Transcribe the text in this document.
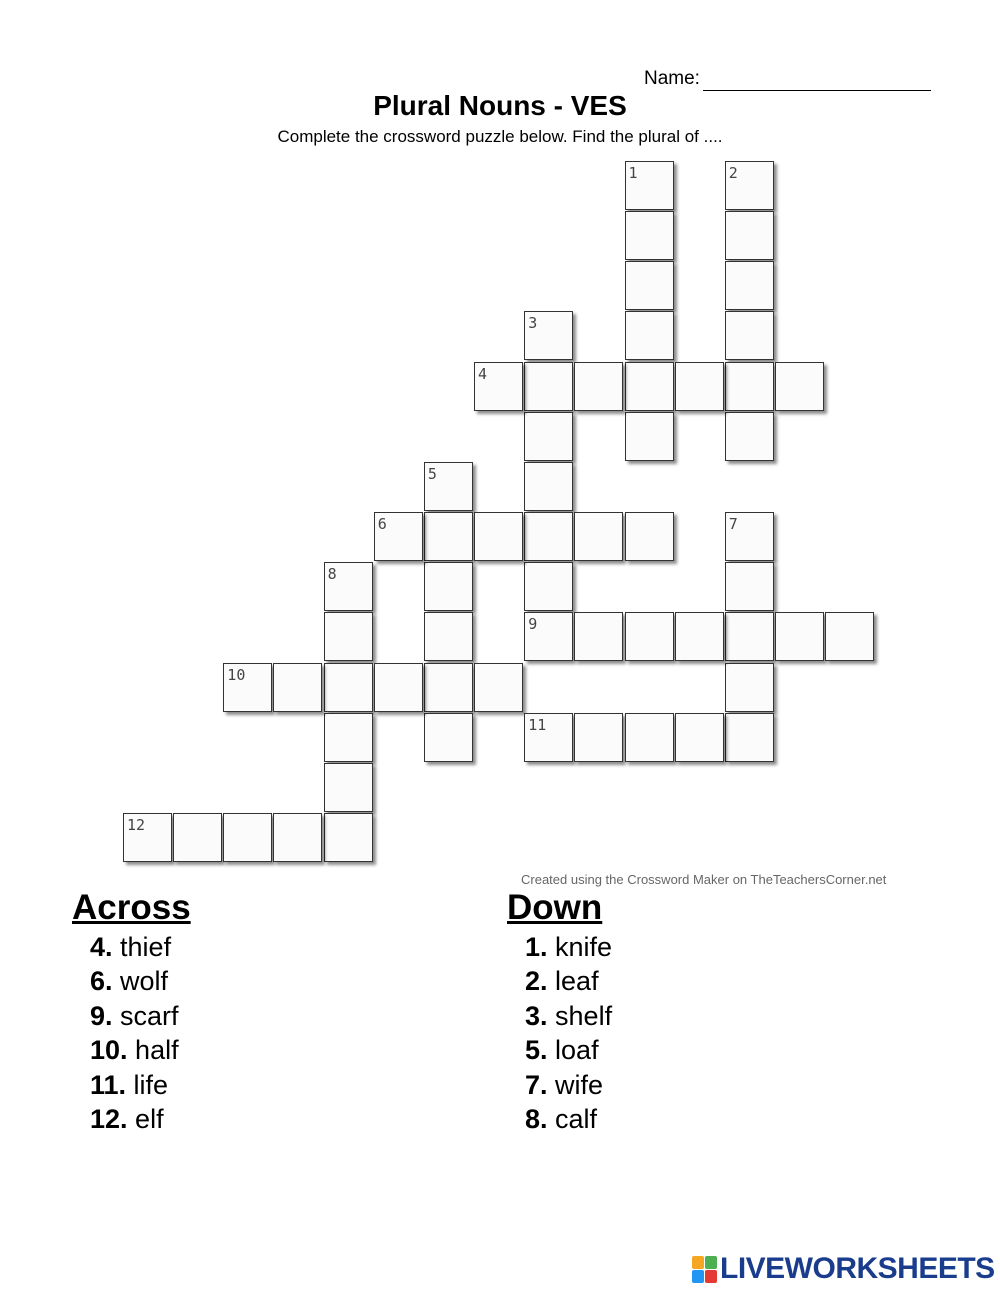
Name:
Plural Nouns - VES
Complete the crossword puzzle below. Find the plural of ....
1	2
3
4
5
6	7
8
9
10
11
12
Created using the Crossword Maker on TheTeachersCorner.net
Across
4. thief
6. wolf
9. scarf
10. half
11. life
12. elf
Down
1. knife
2. leaf
3. shelf
5. loaf
7. wife
8. calf
LIVEWORKSHEETS
